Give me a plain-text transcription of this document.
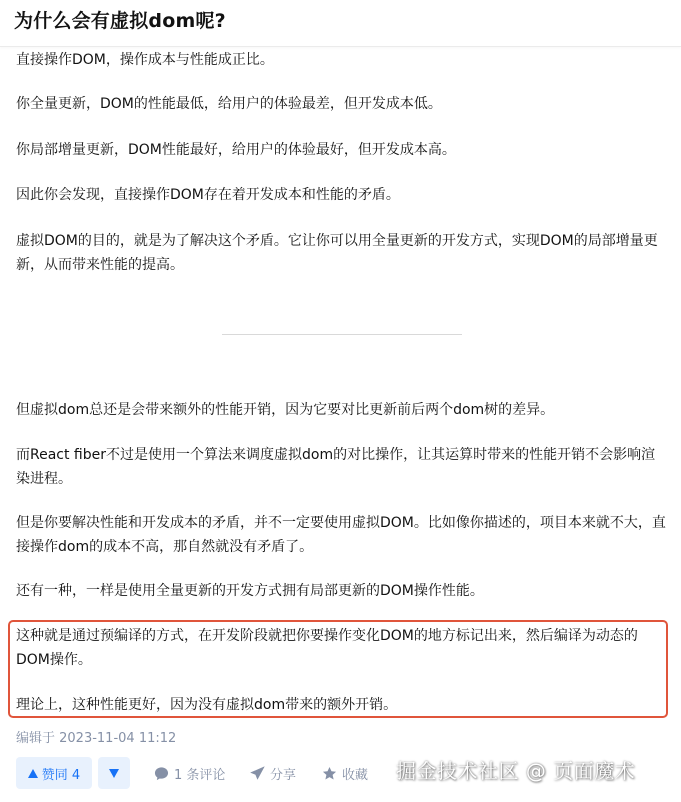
为什么会有虚拟dom呢?

直接操作DOM，操作成本与性能成正比。

你全量更新，DOM的性能最低，给用户的体验最差，但开发成本低。

你局部增量更新，DOM性能最好，给用户的体验最好，但开发成本高。

因此你会发现，直接操作DOM存在着开发成本和性能的矛盾。

虚拟DOM的目的，就是为了解决这个矛盾。它让你可以用全量更新的开发方式，实现DOM的局部增量更新，从而带来性能的提高。

但虚拟dom总还是会带来额外的性能开销，因为它要对比更新前后两个dom树的差异。

而React fiber不过是使用一个算法来调度虚拟dom的对比操作，让其运算时带来的性能开销不会影响渲染进程。

但是你要解决性能和开发成本的矛盾，并不一定要使用虚拟DOM。比如像你描述的，项目本来就不大，直接操作dom的成本不高，那自然就没有矛盾了。

还有一种，一样是使用全量更新的开发方式拥有局部更新的DOM操作性能。

这种就是通过预编译的方式，在开发阶段就把你要操作变化DOM的地方标记出来，然后编译为动态的DOM操作。

理论上，这种性能更好，因为没有虚拟dom带来的额外开销。

编辑于 2023-11-04 11:12
赞同 4	1 条评论	分享	收藏 掘金技术社区 @ 页面魔术
